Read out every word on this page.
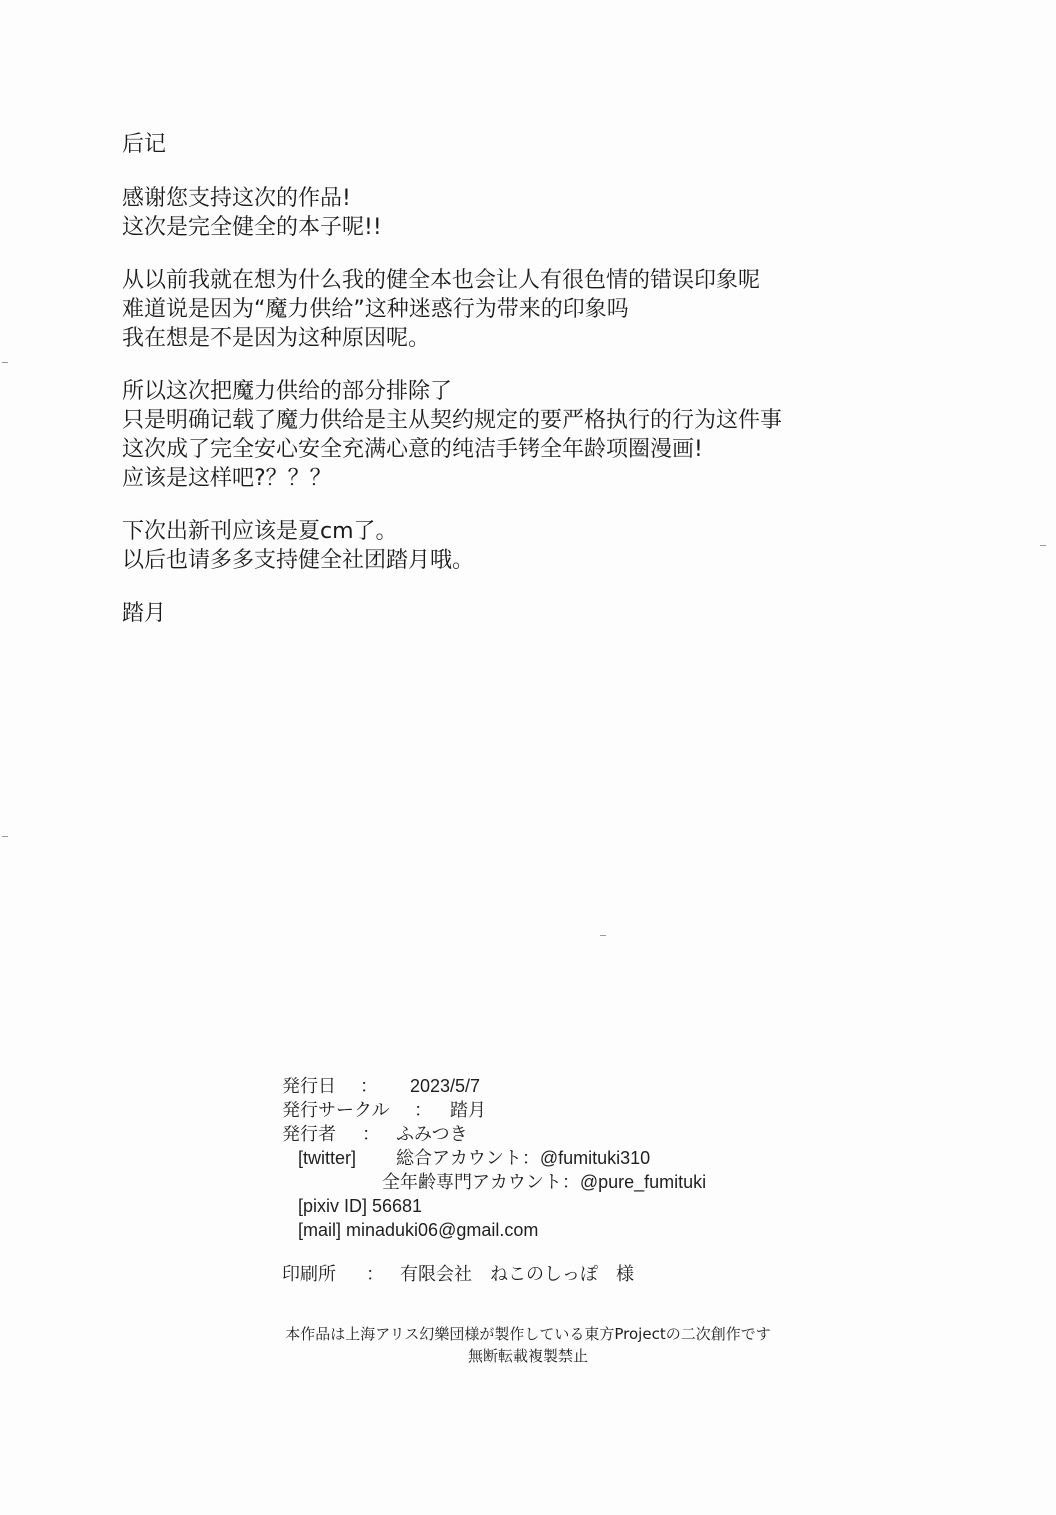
后记
感谢您支持这次的作品!
这次是完全健全的本子呢!!
从以前我就在想为什么我的健全本也会让人有很色情的错误印象呢
难道说是因为“魔力供给”这种迷惑行为带来的印象吗
我在想是不是因为这种原因呢。
所以这次把魔力供给的部分排除了
只是明确记载了魔力供给是主从契约规定的要严格执行的行为这件事
这次成了完全安心安全充满心意的纯洁手铐全年龄项圈漫画!
应该是这样吧?？？？
下次出新刊应该是夏cm了。
以后也请多多支持健全社团踏月哦。
踏月
発行日 ： 2023/5/7
発行サークル ： 踏月
発行者 ： ふみつき
[twitter] 総合アカウント：@fumituki310
全年齢専門アカウント：@pure_fumituki
[pixiv ID] 56681
[mail] minaduki06@gmail.com
印刷所 ： 有限会社　ねこのしっぽ　様
本作品は上海アリス幻樂団様が製作している東方Projectの二次創作です
無断転載複製禁止
